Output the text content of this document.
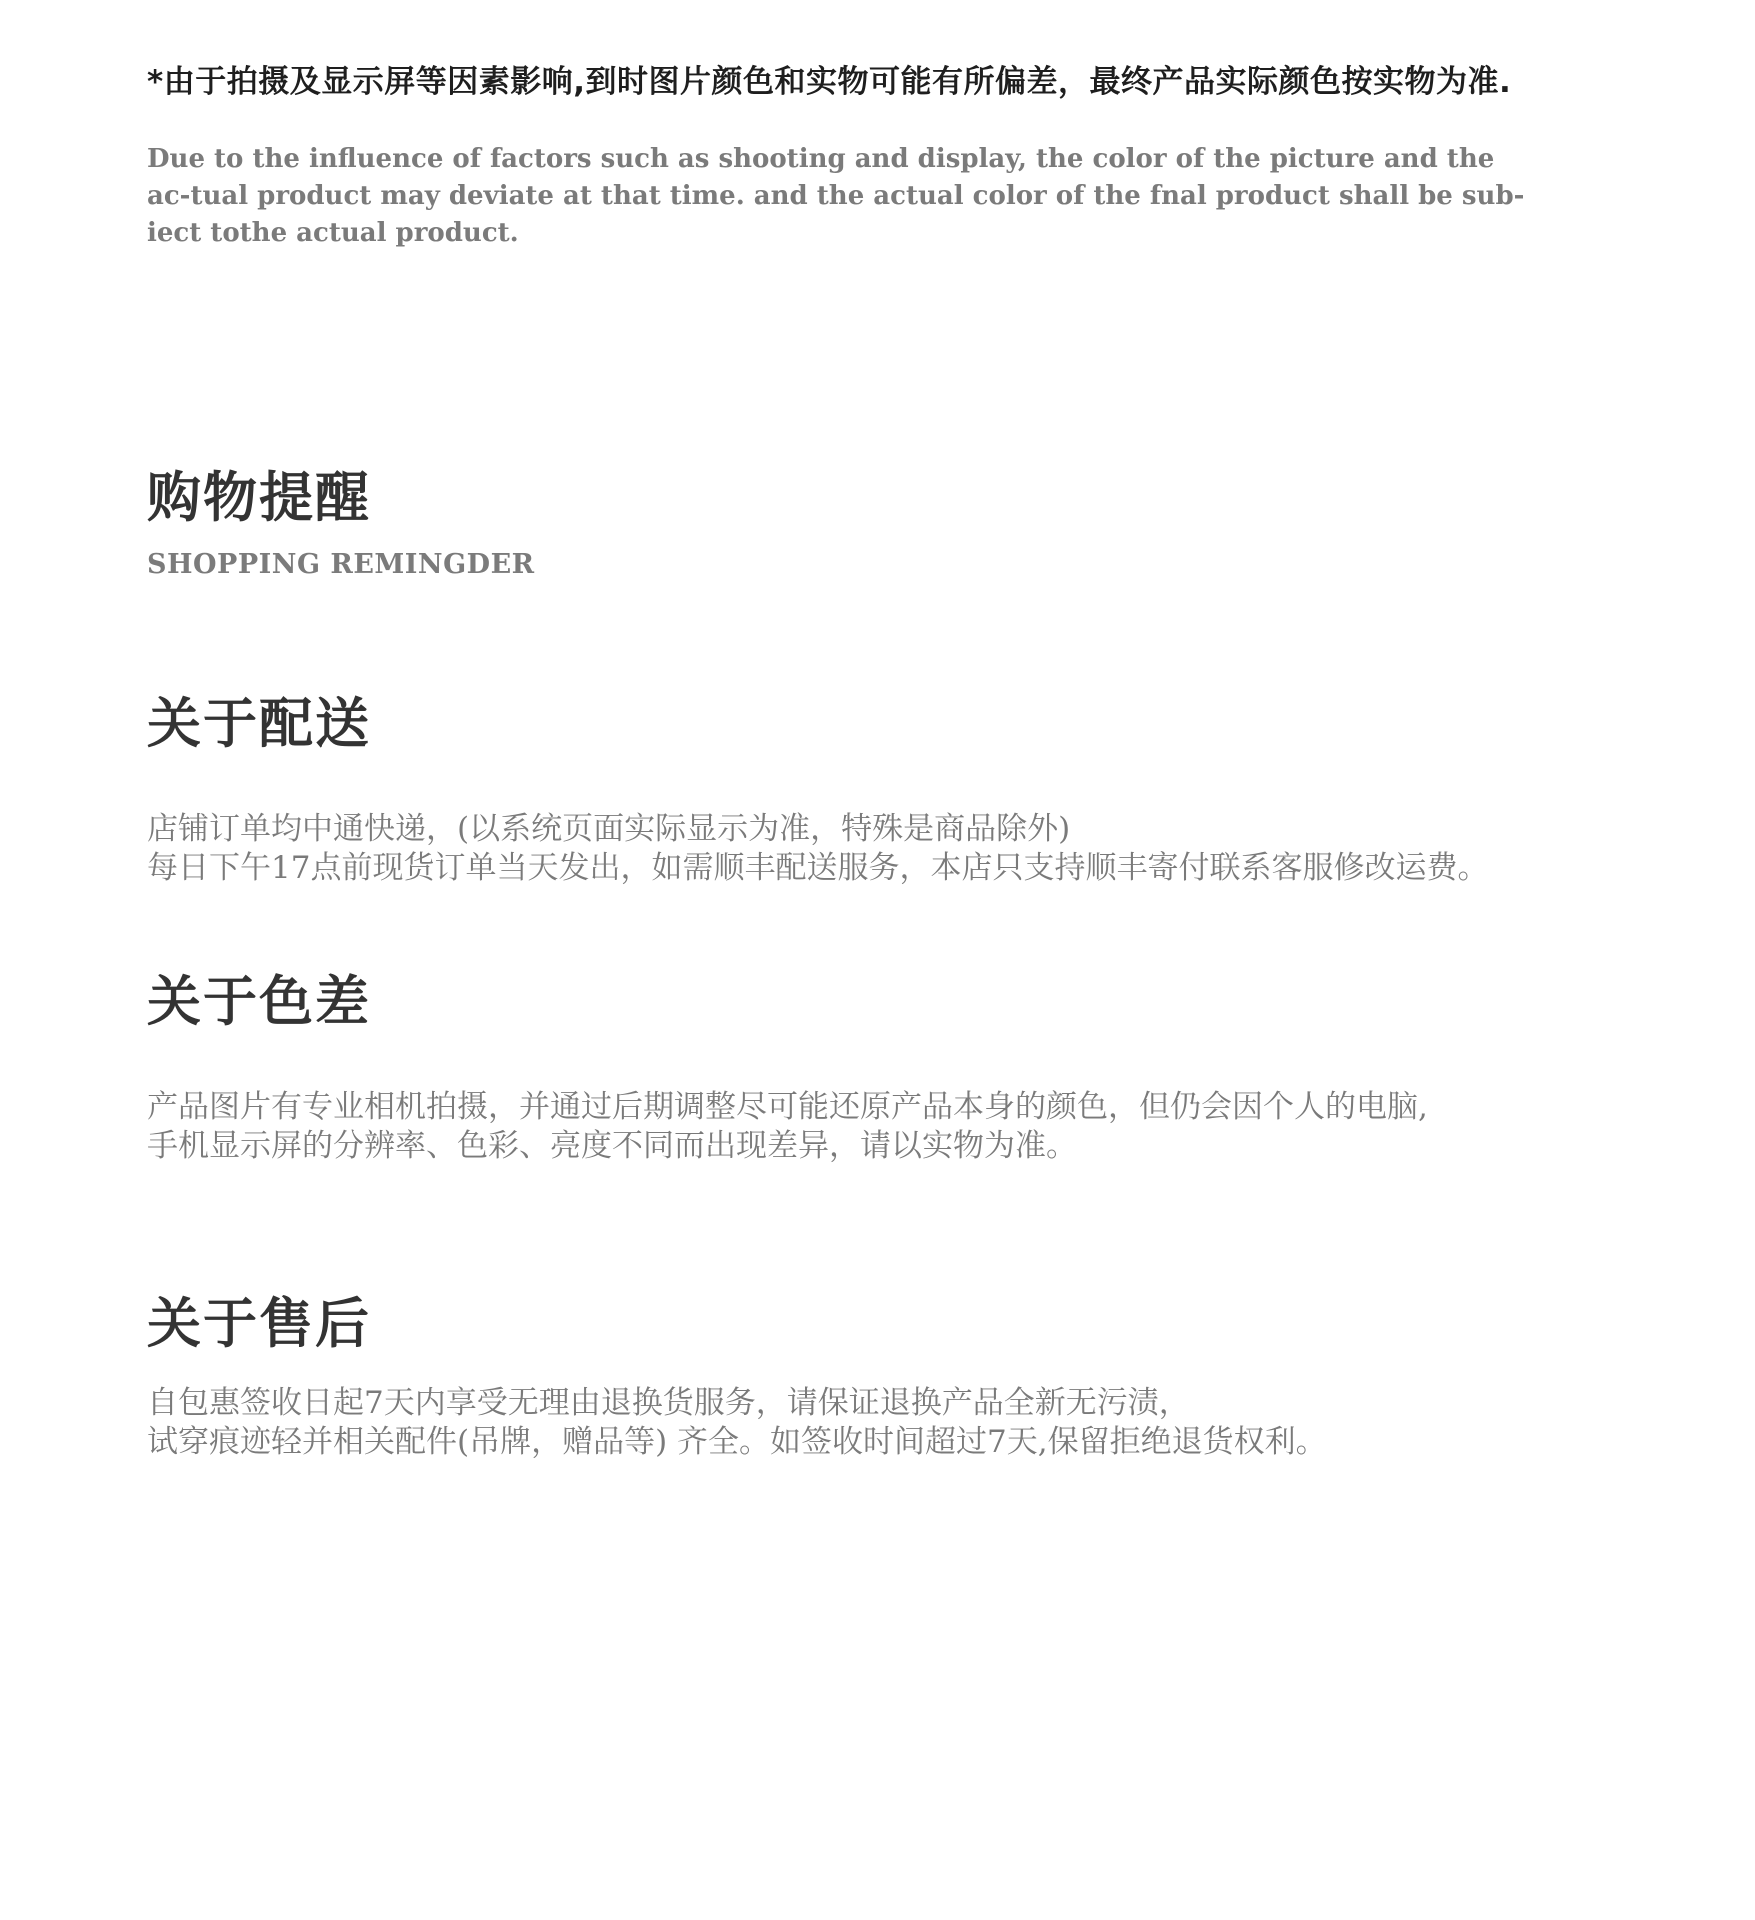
*由于拍摄及显示屏等因素影响,到时图片颜色和实物可能有所偏差，最终产品实际颜色按实物为准.
Due to the influence of factors such as shooting and display, the color of the picture and the
ac-tual product may deviate at that time. and the actual color of the fnal product shall be sub-
iect tothe actual product.
购物提醒
SHOPPING REMINGDER
关于配送
店铺订单均中通快递，(以系统页面实际显示为准，特殊是商品除外)
每日下午17点前现货订单当天发出，如需顺丰配送服务，本店只支持顺丰寄付联系客服修改运费。
关于色差
产品图片有专业相机拍摄，并通过后期调整尽可能还原产品本身的颜色，但仍会因个人的电脑,
手机显示屏的分辨率、色彩、亮度不同而出现差异，请以实物为准。
关于售后
自包惠签收日起7天内享受无理由退换货服务，请保证退换产品全新无污渍，
试穿痕迹轻并相关配件(吊牌，赠品等) 齐全。如签收时间超过7天,保留拒绝退货权利。
